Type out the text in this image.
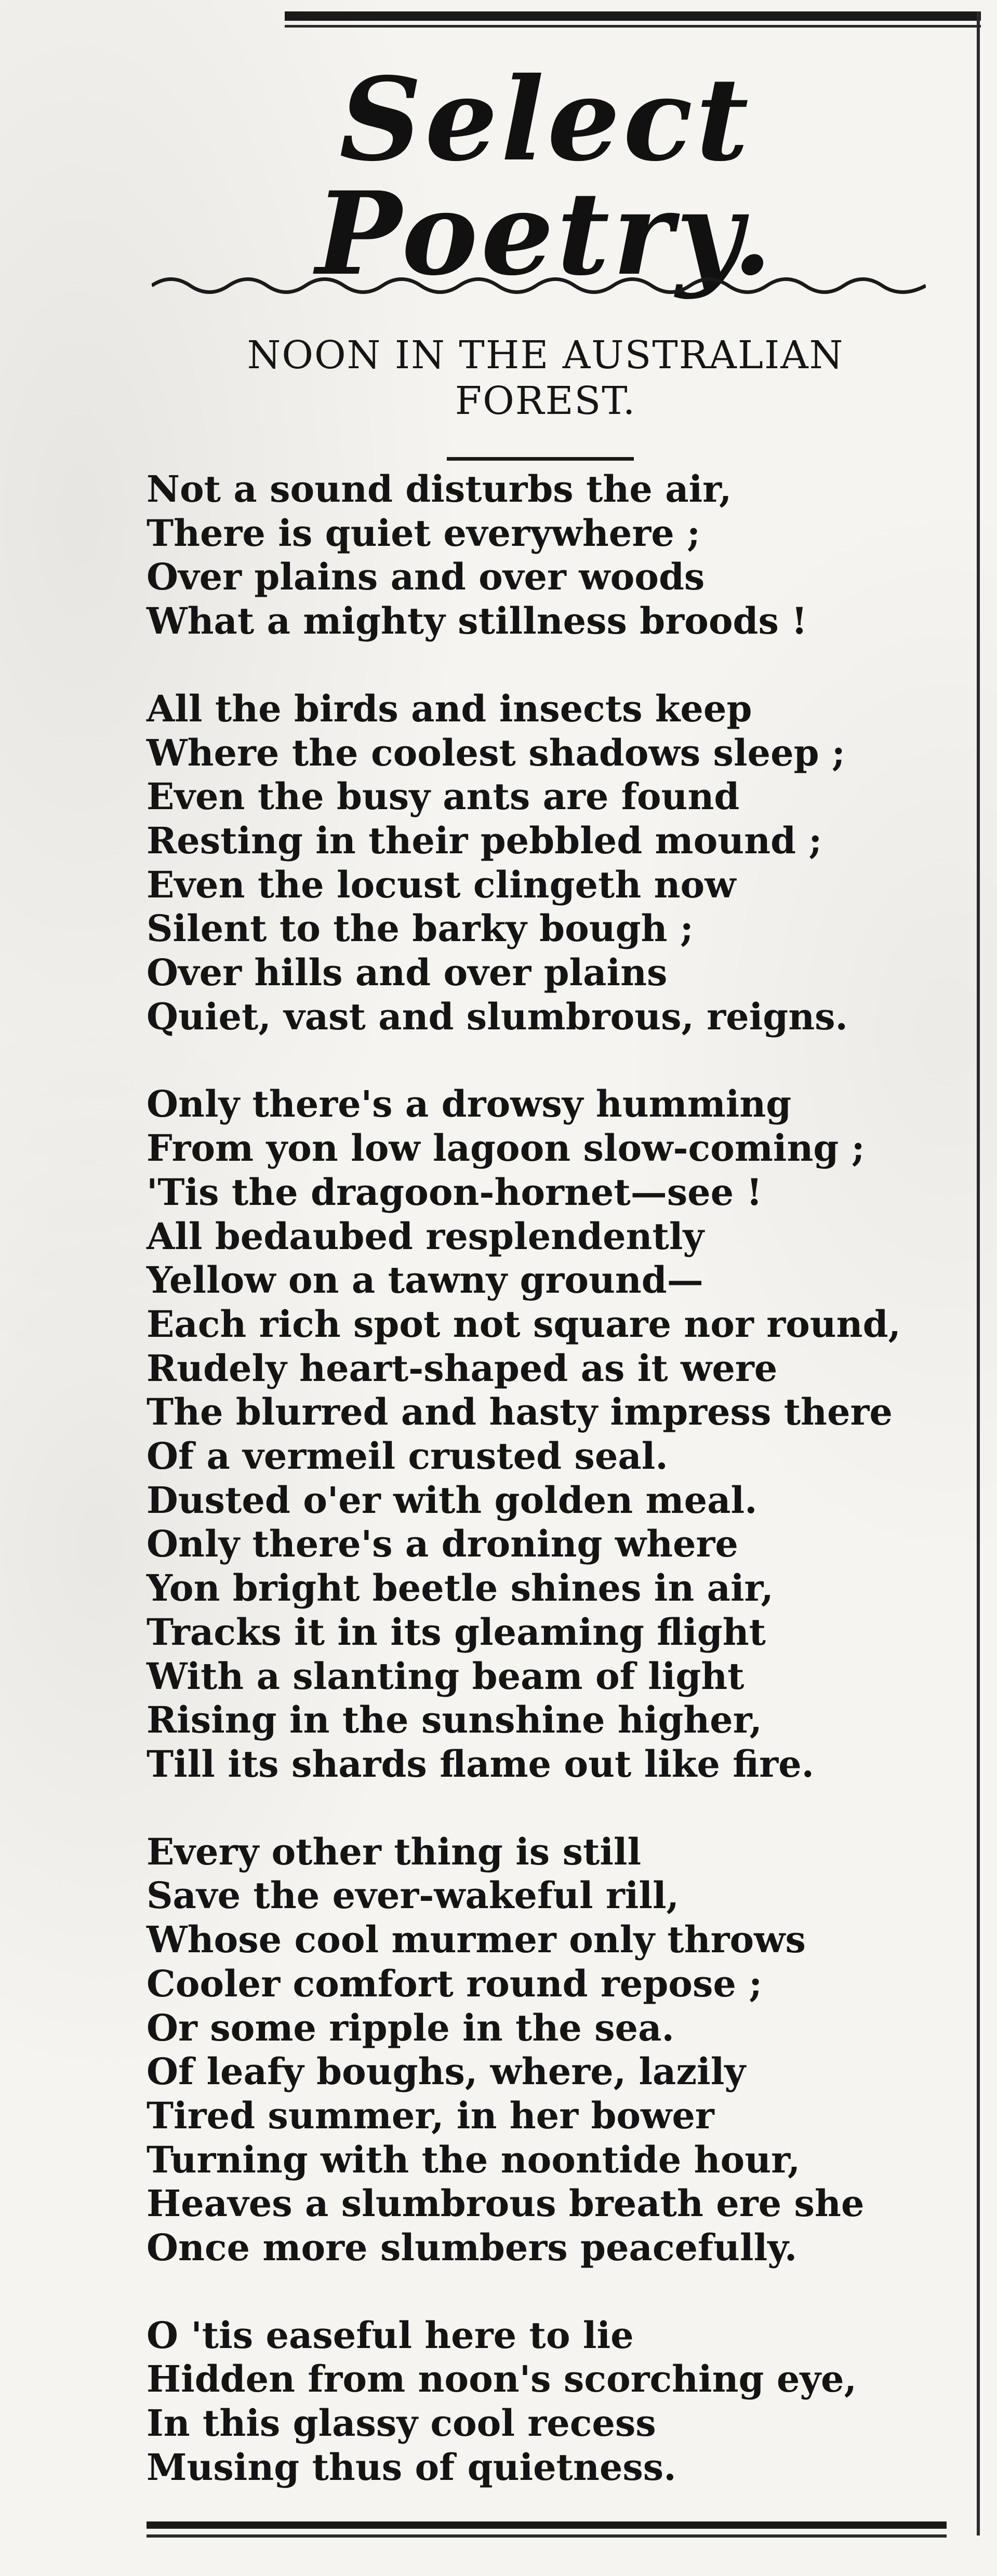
Select Poetry.
NOON IN THE AUSTRALIAN
FOREST.
Not a sound disturbs the air,
There is quiet everywhere ;
Over plains and over woods
What a mighty stillness broods !
All the birds and insects keep
Where the coolest shadows sleep ;
Even the busy ants are found
Resting in their pebbled mound ;
Even the locust clingeth now
Silent to the barky bough ;
Over hills and over plains
Quiet, vast and slumbrous, reigns.
Only there's a drowsy humming
From yon low lagoon slow-coming ;
'Tis the dragoon-hornet—see !
All bedaubed resplendently
Yellow on a tawny ground—
Each rich spot not square nor round,
Rudely heart-shaped as it were
The blurred and hasty impress there
Of a vermeil crusted seal.
Dusted o'er with golden meal.
Only there's a droning where
Yon bright beetle shines in air,
Tracks it in its gleaming flight
With a slanting beam of light
Rising in the sunshine higher,
Till its shards flame out like fire.
Every other thing is still
Save the ever-wakeful rill,
Whose cool murmer only throws
Cooler comfort round repose ;
Or some ripple in the sea.
Of leafy boughs, where, lazily
Tired summer, in her bower
Turning with the noontide hour,
Heaves a slumbrous breath ere she
Once more slumbers peacefully.
O 'tis easeful here to lie
Hidden from noon's scorching eye,
In this glassy cool recess
Musing thus of quietness.
